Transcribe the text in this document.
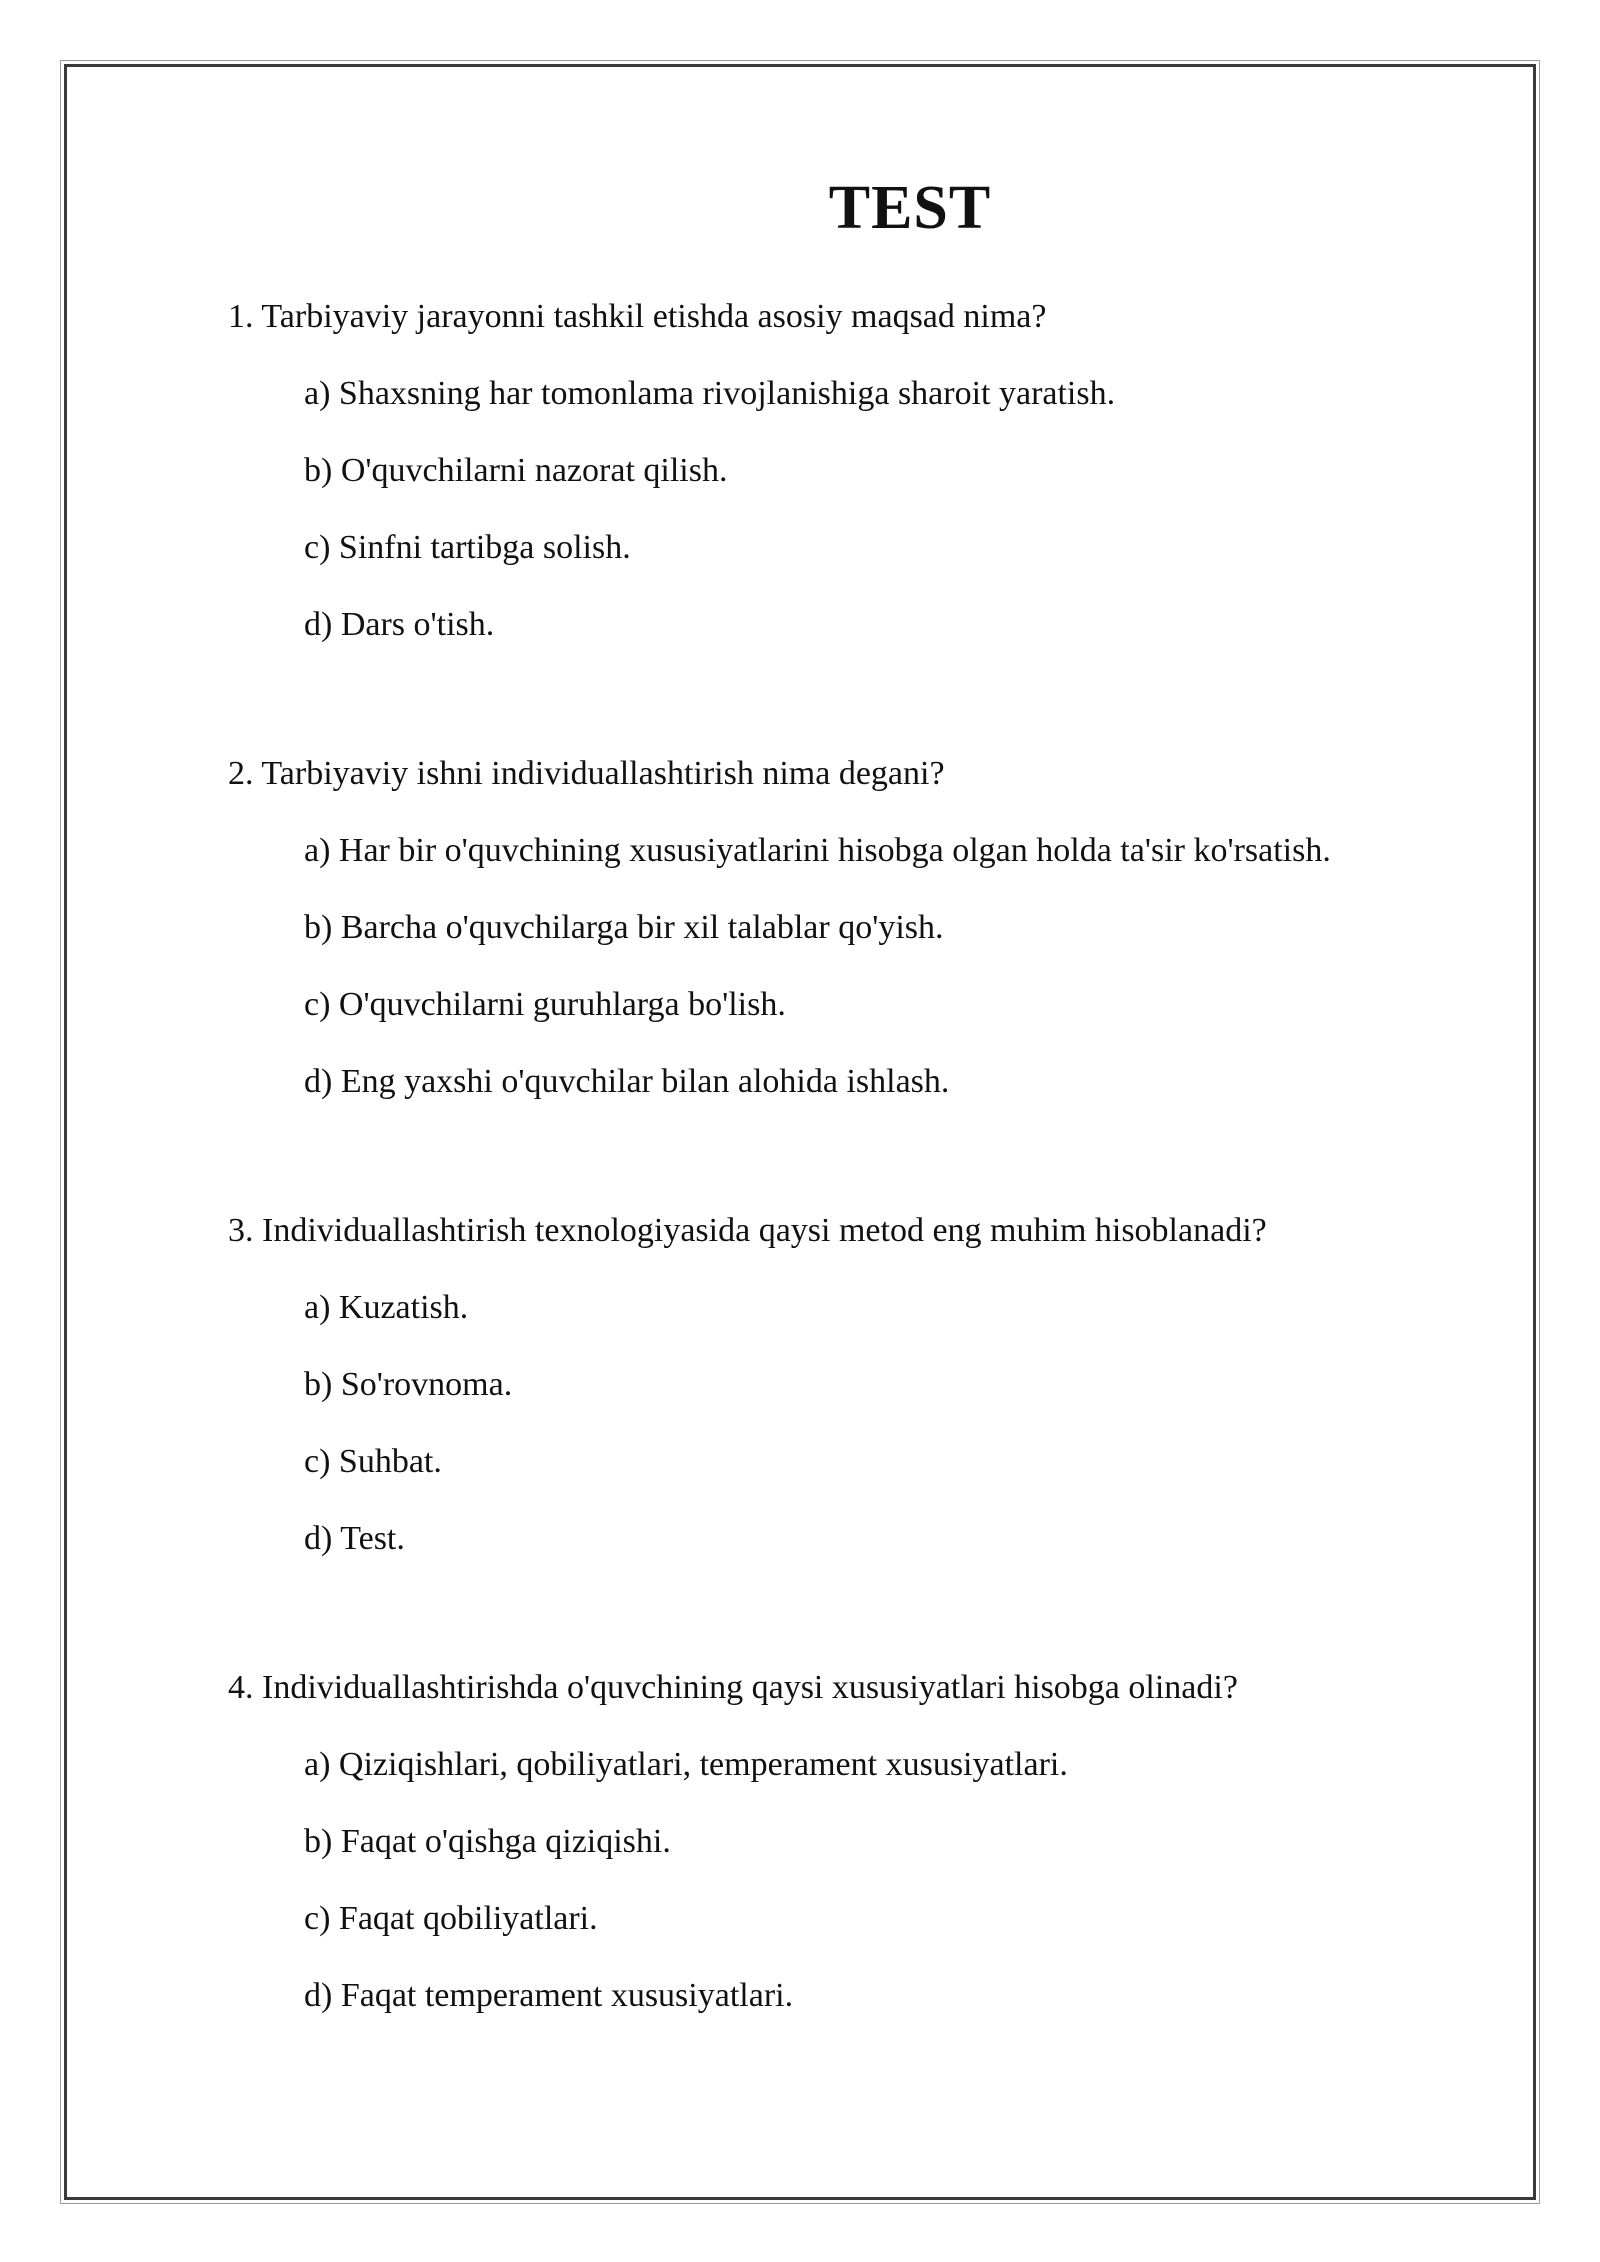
TEST
1. Tarbiyaviy jarayonni tashkil etishda asosiy maqsad nima?
a) Shaxsning har tomonlama rivojlanishiga sharoit yaratish.
b) O'quvchilarni nazorat qilish.
c) Sinfni tartibga solish.
d) Dars o'tish.
2. Tarbiyaviy ishni individuallashtirish nima degani?
a) Har bir o'quvchining xususiyatlarini hisobga olgan holda ta'sir ko'rsatish.
b) Barcha o'quvchilarga bir xil talablar qo'yish.
c) O'quvchilarni guruhlarga bo'lish.
d) Eng yaxshi o'quvchilar bilan alohida ishlash.
3. Individuallashtirish texnologiyasida qaysi metod eng muhim hisoblanadi?
a) Kuzatish.
b) So'rovnoma.
c) Suhbat.
d) Test.
4. Individuallashtirishda o'quvchining qaysi xususiyatlari hisobga olinadi?
a) Qiziqishlari, qobiliyatlari, temperament xususiyatlari.
b) Faqat o'qishga qiziqishi.
c) Faqat qobiliyatlari.
d) Faqat temperament xususiyatlari.
